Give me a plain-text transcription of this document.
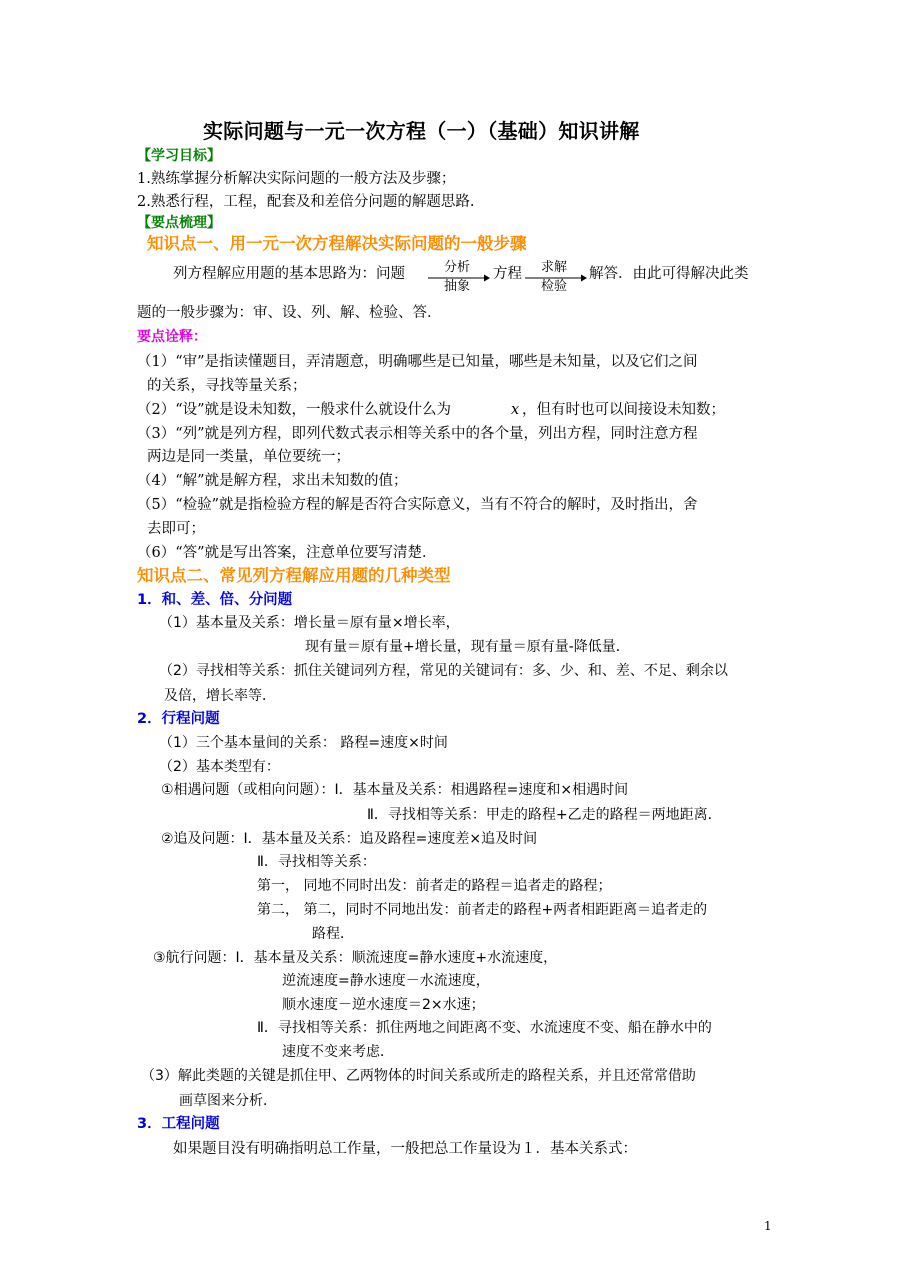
实际问题与一元一次方程（一）（基础）知识讲解
【学习目标】
1.熟练掌握分析解决实际问题的一般方法及步骤；
2.熟悉行程，工程，配套及和差倍分问题的解题思路.
【要点梳理】
知识点一、用一元一次方程解决实际问题的一般步骤
列方程解应用题的基本思路为：问题	分析
抽象
方程	求解
检验
解答．由此可得解决此类
题的一般步骤为：审、设、列、解、检验、答．
要点诠释：
（1）“审”是指读懂题目，弄清题意，明确哪些是已知量，哪些是未知量，以及它们之间
的关系，寻找等量关系；
（2）“设”就是设未知数，一般求什么就设什么为	x ，但有时也可以间接设未知数；
（3）“列”就是列方程，即列代数式表示相等关系中的各个量，列出方程，同时注意方程
两边是同一类量，单位要统一；
（4）“解”就是解方程，求出未知数的值；
（5）“检验”就是指检验方程的解是否符合实际意义，当有不符合的解时，及时指出，舍
去即可；
（6）“答”就是写出答案，注意单位要写清楚．
知识点二、常见列方程解应用题的几种类型
1．和、差、倍、分问题
（1）基本量及关系：增长量＝原有量×增长率，
现有量＝原有量+增长量，现有量＝原有量-降低量．
（2）寻找相等关系：抓住关键词列方程，常见的关键词有：多、少、和、差、不足、剩余以
及倍，增长率等．
2．行程问题
（1）三个基本量间的关系： 路程=速度×时间
（2）基本类型有：
①相遇问题（或相向问题）：Ⅰ．基本量及关系：相遇路程=速度和×相遇时间
Ⅱ．寻找相等关系：甲走的路程+乙走的路程＝两地距离．
②追及问题：Ⅰ．基本量及关系：追及路程=速度差×追及时间
Ⅱ．寻找相等关系：
第一， 同地不同时出发：前者走的路程＝追者走的路程；
第二， 第二，同时不同地出发：前者走的路程+两者相距距离＝追者走的
路程．
③航行问题：Ⅰ．基本量及关系：顺流速度=静水速度+水流速度，
逆流速度=静水速度－水流速度，
顺水速度－逆水速度＝2×水速；
Ⅱ．寻找相等关系：抓住两地之间距离不变、水流速度不变、船在静水中的
速度不变来考虑．
（3）解此类题的关键是抓住甲、乙两物体的时间关系或所走的路程关系，并且还常常借助
画草图来分析．
3．工程问题
如果题目没有明确指明总工作量，一般把总工作量设为１．基本关系式：
1
